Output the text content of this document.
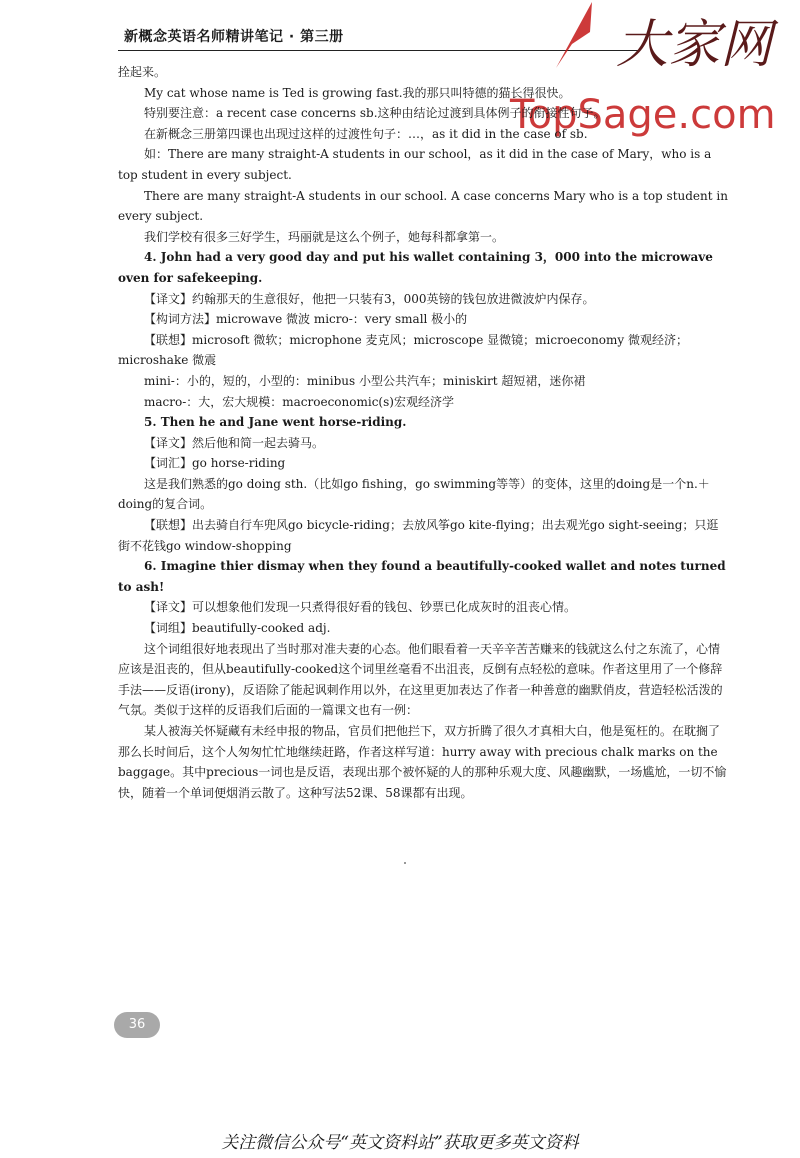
新概念英语名师精讲笔记 · 第三册	大家网
TopSage.com

拴起来。

My cat whose name is Ted is growing fast.我的那只叫特德的猫长得很快。

特别要注意：a recent case concerns sb.这种由结论过渡到具体例子的衔接性句子。

在新概念三册第四课也出现过这样的过渡性句子：…，as it did in the case of sb.

如：There are many straight-A students in our school，as it did in the case of Mary，who is a top student in every subject.

There are many straight-A students in our school. A case concerns Mary who is a top student in every subject.

我们学校有很多三好学生，玛丽就是这么个例子，她每科都拿第一。

4. John had a very good day and put his wallet containing 3，000 into the microwave oven for safekeeping.

【译文】约翰那天的生意很好，他把一只装有3，000英镑的钱包放进微波炉内保存。

【构词方法】microwave 微波 micro-：very small 极小的

【联想】microsoft 微软；microphone 麦克风；microscope 显微镜；microeconomy 微观经济；microshake 微震

mini-：小的，短的，小型的：minibus 小型公共汽车；miniskirt 超短裙，迷你裙

macro-：大，宏大规模：macroeconomic(s)宏观经济学

5. Then he and Jane went horse-riding.

【译文】然后他和简一起去骑马。

【词汇】go horse-riding

这是我们熟悉的go doing sth.（比如go fishing，go swimming等等）的变体，这里的doing是一个n.＋doing的复合词。

【联想】出去骑自行车兜风go bicycle-riding；去放风筝go kite-flying；出去观光go sight-seeing；只逛街不花钱go window-shopping

6. Imagine thier dismay when they found a beautifully-cooked wallet and notes turned to ash!

【译文】可以想象他们发现一只煮得很好看的钱包、钞票已化成灰时的沮丧心情。

【词组】beautifully-cooked adj.

这个词组很好地表现出了当时那对准夫妻的心态。他们眼看着一天辛辛苦苦赚来的钱就这么付之东流了，心情应该是沮丧的，但从beautifully-cooked这个词里丝毫看不出沮丧，反倒有点轻松的意味。作者这里用了一个修辞手法——反语(irony)，反语除了能起讽刺作用以外，在这里更加表达了作者一种善意的幽默俏皮，营造轻松活泼的气氛。类似于这样的反语我们后面的一篇课文也有一例：

某人被海关怀疑藏有未经申报的物品，官员们把他拦下，双方折腾了很久才真相大白，他是冤枉的。在耽搁了那么长时间后，这个人匆匆忙忙地继续赶路，作者这样写道：hurry away with precious chalk marks on the baggage。其中precious一词也是反语，表现出那个被怀疑的人的那种乐观大度、风趣幽默，一场尴尬，一切不愉快，随着一个单词便烟消云散了。这种写法52课、58课都有出现。

36
关注微信公众号“英文资料站”获取更多英文资料
